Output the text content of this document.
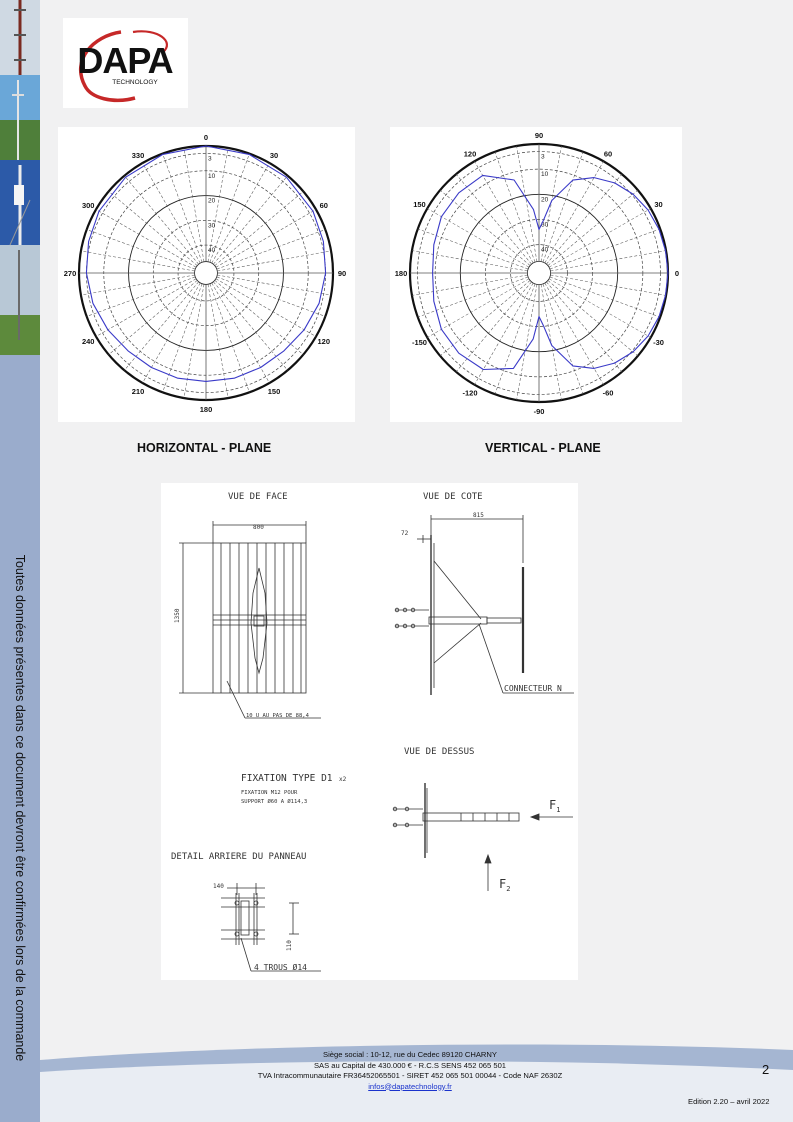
Toutes données présentes dans ce document devront être confirmées lors de la commande
DAPA
TECHNOLOGY
0
30
60
90
120
150
180
210
240
270
300
330	3
10
20
30
40
HORIZONTAL - PLANE
90
60
30
0
-30
-60
-90
-120
-150
180
150
120	3
10
20
30
40
VERTICAL - PLANE
VUE DE FACE
800
1350
10 U AU PAS DE 88,4
VUE DE COTE
815
72
CONNECTEUR N
FIXATION TYPE D1 x2
FIXATION M12 POUR
SUPPORT Ø60 A Ø114,3
VUE DE DESSUS
$F_1$
$F_2$
DETAIL ARRIERE DU PANNEAU
140
110
4 TROUS Ø14
Siège social : 10-12, rue du Cedec 89120 CHARNY
SAS au Capital de 430.000 € - R.C.S SENS 452 065 501
TVA Intracommunautaire FR36452065501 - SIRET 452 065 501 00044 - Code NAF 2630Z
infos@dapatechnology.fr
2
Edition 2.20 – avril 2022
